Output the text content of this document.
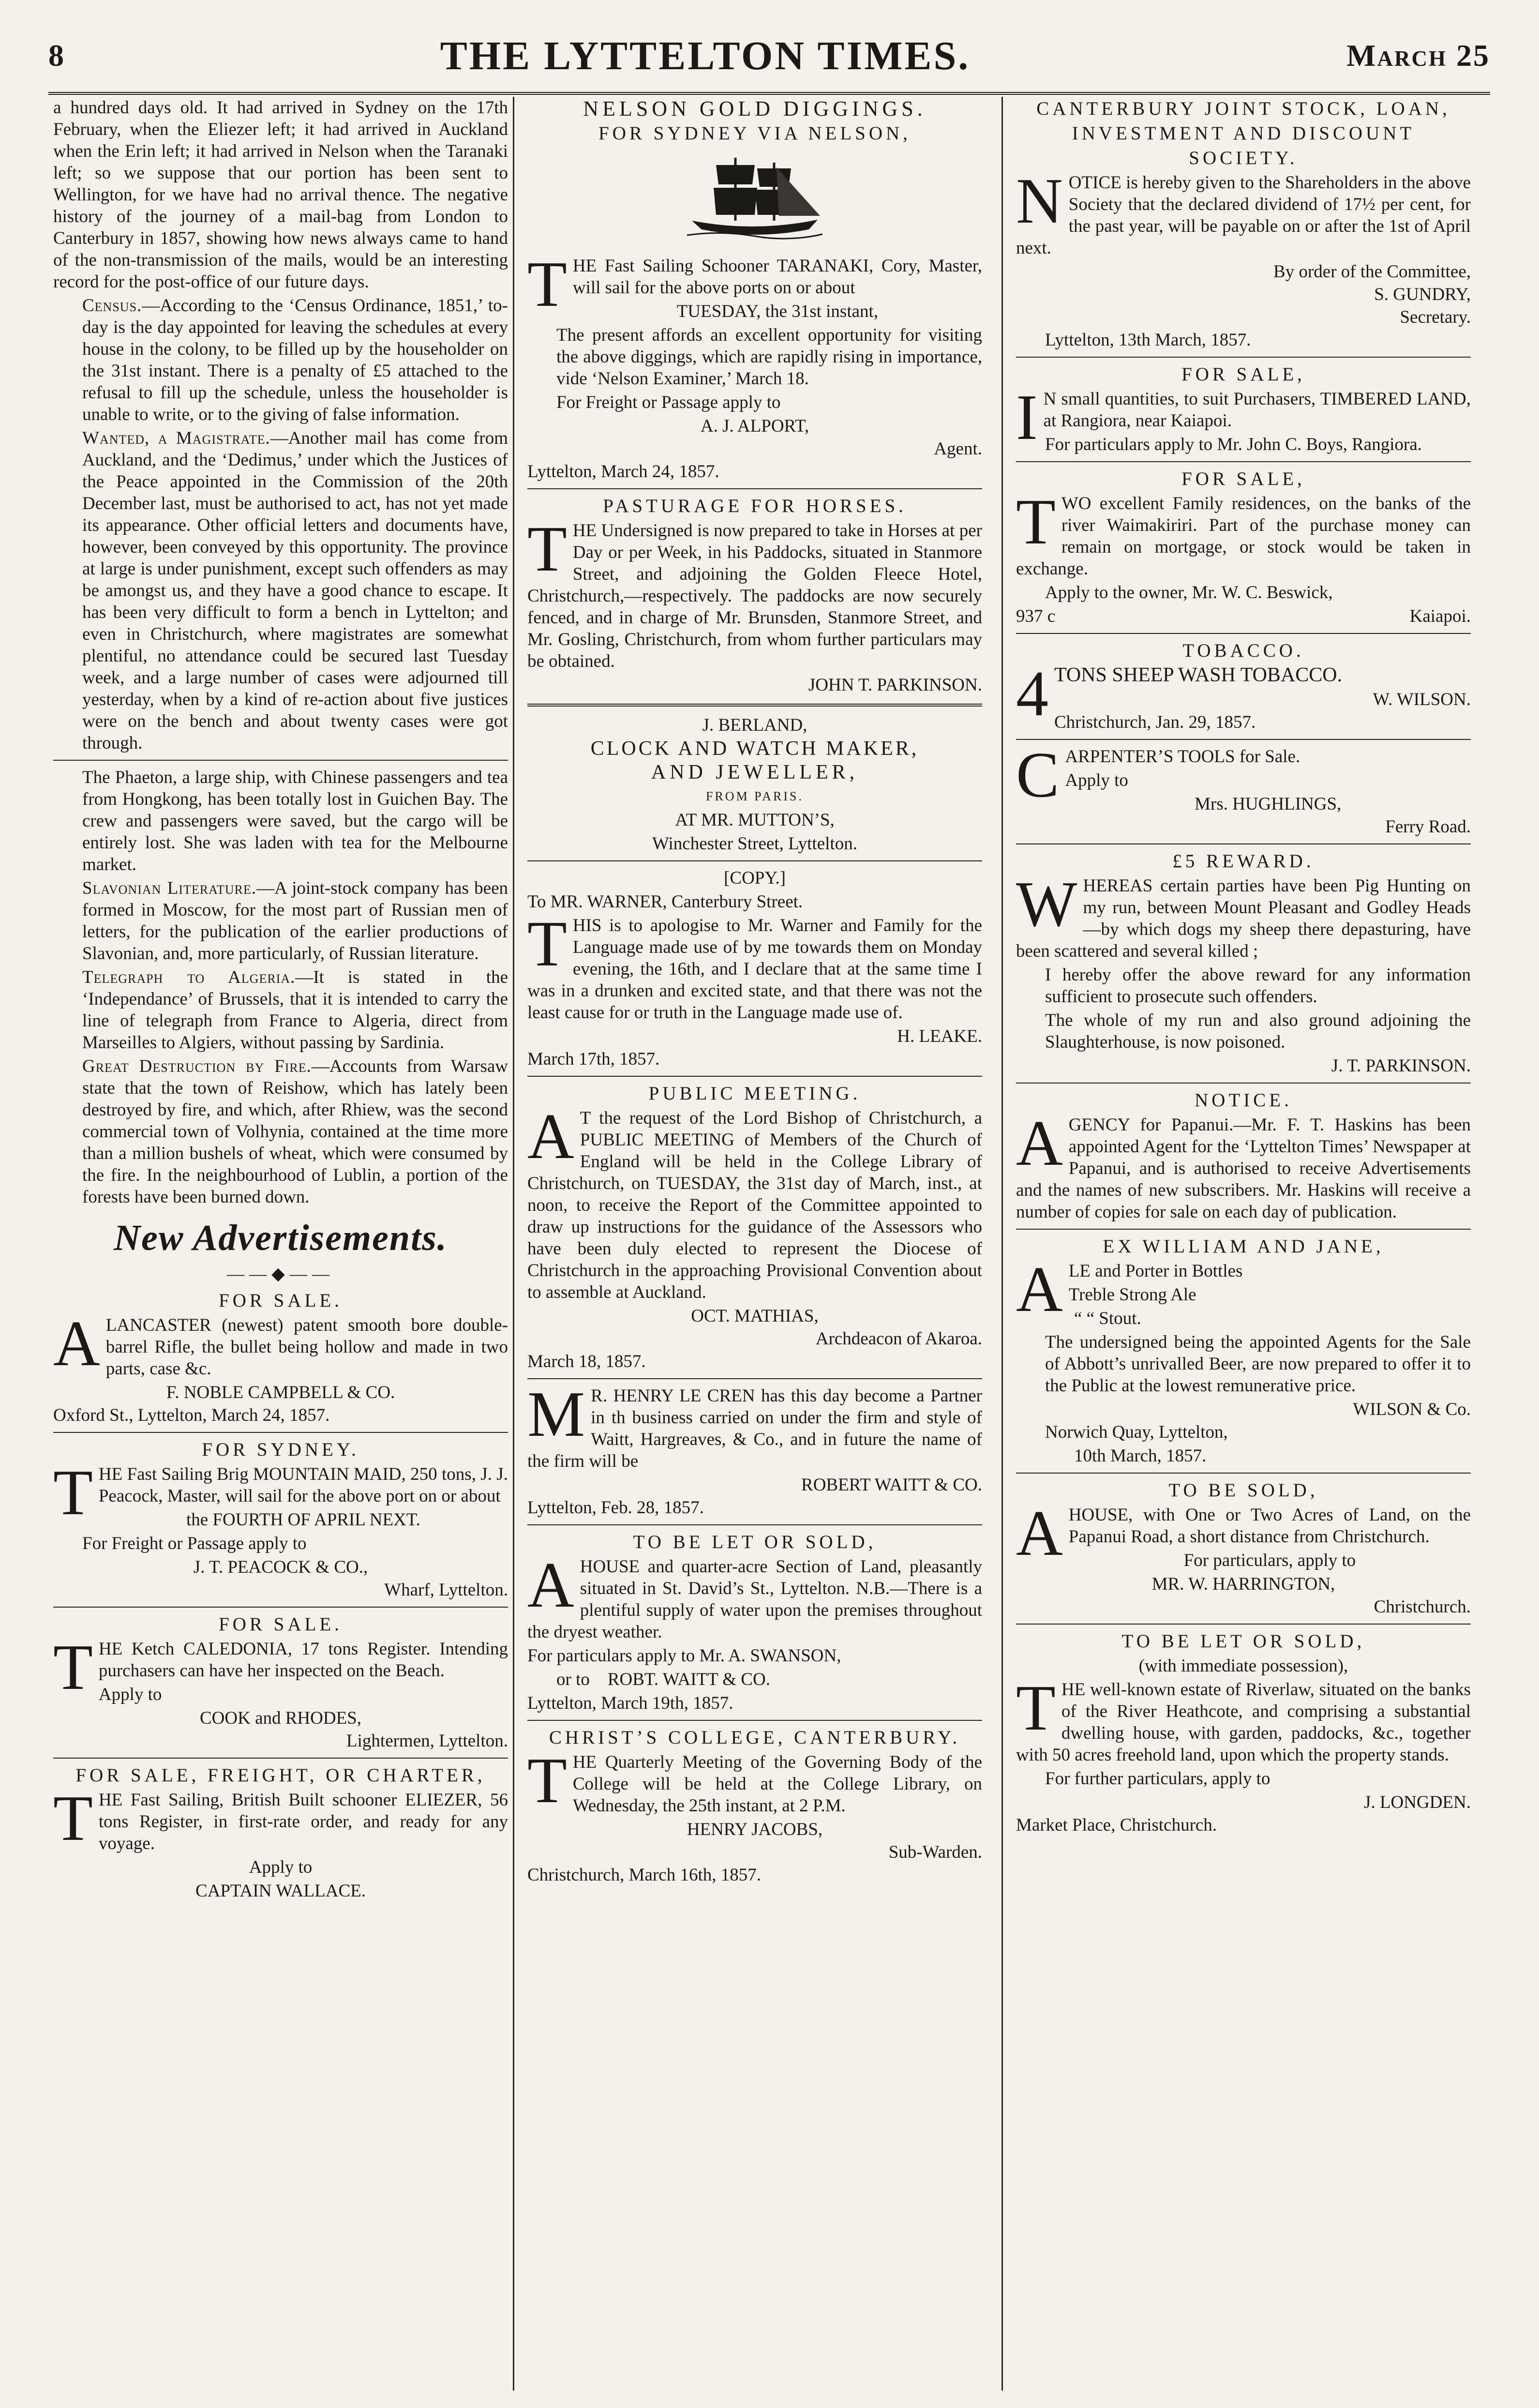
8	THE LYTTELTON TIMES.	March 25

a hundred days old. It had arrived in Sydney on the 17th February, when the Eliezer left; it had arrived in Auckland when the Erin left; it had arrived in Nelson when the Taranaki left; so we suppose that our portion has been sent to Wellington, for we have had no arrival thence. The negative history of the journey of a mail-bag from London to Canterbury in 1857, showing how news always came to hand of the non-transmission of the mails, would be an interesting record for the post-office of our future days.

Census.—According to the ‘Census Ordinance, 1851,’ to-day is the day appointed for leaving the schedules at every house in the colony, to be filled up by the householder on the 31st instant. There is a penalty of £5 attached to the refusal to fill up the schedule, unless the householder is unable to write, or to the giving of false information.

Wanted, a Magistrate.—Another mail has come from Auckland, and the ‘Dedimus,’ under which the Justices of the Peace appointed in the Commission of the 20th December last, must be authorised to act, has not yet made its appearance. Other official letters and documents have, however, been conveyed by this opportunity. The province at large is under punishment, except such offenders as may be amongst us, and they have a good chance to escape. It has been very difficult to form a bench in Lyttelton; and even in Christchurch, where magistrates are somewhat plentiful, no attendance could be secured last Tuesday week, and a large number of cases were adjourned till yesterday, when by a kind of re-action about five justices were on the bench and about twenty cases were got through.

The Phaeton, a large ship, with Chinese passengers and tea from Hongkong, has been totally lost in Guichen Bay. The crew and passengers were saved, but the cargo will be entirely lost. She was laden with tea for the Melbourne market.

Slavonian Literature.—A joint-stock company has been formed in Moscow, for the most part of Russian men of letters, for the publication of the earlier productions of Slavonian, and, more particularly, of Russian literature.

Telegraph to Algeria.—It is stated in the ‘Independance’ of Brussels, that it is intended to carry the line of telegraph from France to Algeria, direct from Marseilles to Algiers, without passing by Sardinia.

Great Destruction by Fire.—Accounts from Warsaw state that the town of Reishow, which has lately been destroyed by fire, and which, after Rhiew, was the second commercial town of Volhynia, contained at the time more than a million bushels of wheat, which were consumed by the fire. In the neighbourhood of Lublin, a portion of the forests have been burned down.

New Advertisements.
——◆——
FOR SALE.

ALANCASTER (newest) patent smooth bore double-barrel Rifle, the bullet being hollow and made in two parts, case &c.

F. NOBLE CAMPBELL & CO.

Oxford St., Lyttelton, March 24, 1857.

FOR SYDNEY.

THE Fast Sailing Brig MOUNTAIN MAID, 250 tons, J. J. Peacock, Master, will sail for the above port on or about

the FOURTH OF APRIL NEXT.

For Freight or Passage apply to

J. T. PEACOCK & CO.,

Wharf, Lyttelton.

FOR SALE.

THE Ketch CALEDONIA, 17 tons Register. Intending purchasers can have her inspected on the Beach.

Apply to

COOK and RHODES,

Lightermen, Lyttelton.

FOR SALE, FREIGHT, OR CHARTER,

THE Fast Sailing, British Built schooner ELIEZER, 56 tons Register, in first-rate order, and ready for any voyage.

Apply to

CAPTAIN WALLACE.

NELSON GOLD DIGGINGS.
FOR SYDNEY VIA NELSON,

THE Fast Sailing Schooner TARANAKI, Cory, Master, will sail for the above ports on or about

TUESDAY, the 31st instant,

The present affords an excellent opportunity for visiting the above diggings, which are rapidly rising in importance, vide ‘Nelson Examiner,’ March 18.

For Freight or Passage apply to

A. J. ALPORT,

Agent.

Lyttelton, March 24, 1857.

PASTURAGE FOR HORSES.

THE Undersigned is now prepared to take in Horses at per Day or per Week, in his Paddocks, situated in Stanmore Street, and adjoining the Golden Fleece Hotel, Christchurch,—respectively. The paddocks are now securely fenced, and in charge of Mr. Brunsden, Stanmore Street, and Mr. Gosling, Christchurch, from whom further particulars may be obtained.

JOHN T. PARKINSON.

J. BERLAND,

CLOCK AND WATCH MAKER,

AND JEWELLER,

FROM PARIS.

AT MR. MUTTON’S,

Winchester Street, Lyttelton.

[COPY.]

To MR. WARNER, Canterbury Street.

THIS is to apologise to Mr. Warner and Family for the Language made use of by me towards them on Monday evening, the 16th, and I declare that at the same time I was in a drunken and excited state, and that there was not the least cause for or truth in the Language made use of.

H. LEAKE.

March 17th, 1857.

PUBLIC MEETING.

A T the request of the Lord Bishop of Christchurch, a PUBLIC MEETING of Members of the Church of England will be held in the College Library of Christchurch, on TUESDAY, the 31st day of March, inst., at noon, to receive the Report of the Committee appointed to draw up instructions for the guidance of the Assessors who have been duly elected to represent the Diocese of Christchurch in the approaching Provisional Convention about to assemble at Auckland.

OCT. MATHIAS,

Archdeacon of Akaroa.

March 18, 1857.

M R. HENRY LE CREN has this day become a Partner in th business carried on under the firm and style of Waitt, Hargreaves, & Co., and in future the name of the firm will be

ROBERT WAITT & CO.

Lyttelton, Feb. 28, 1857.

TO BE LET OR SOLD,

AHOUSE and quarter-acre Section of Land, pleasantly situated in St. David’s St., Lyttelton. N.B.—There is a plentiful supply of water upon the premises throughout the dryest weather.

For particulars apply to Mr. A. SWANSON,

or to ROBT. WAITT & CO.

Lyttelton, March 19th, 1857.

CHRIST’S COLLEGE, CANTERBURY.

THE Quarterly Meeting of the Governing Body of the College will be held at the College Library, on Wednesday, the 25th instant, at 2 P.M.

HENRY JACOBS,

Sub-Warden.

Christchurch, March 16th, 1857.

CANTERBURY JOINT STOCK, LOAN,
INVESTMENT AND DISCOUNT
SOCIETY.

NOTICE is hereby given to the Shareholders in the above Society that the declared dividend of 17½ per cent, for the past year, will be payable on or after the 1st of April next.

By order of the Committee,

S. GUNDRY,

Secretary.

Lyttelton, 13th March, 1857.

FOR SALE,

I N small quantities, to suit Purchasers, TIMBERED LAND, at Rangiora, near Kaiapoi.

For particulars apply to Mr. John C. Boys, Rangiora.

FOR SALE,

TWO excellent Family residences, on the banks of the river Waimakiriri. Part of the purchase money can remain on mortgage, or stock would be taken in exchange.

Apply to the owner, Mr. W. C. Beswick,

937 c	Kaiapoi.

TOBACCO.

4 TONS SHEEP WASH TOBACCO.

W. WILSON.

Christchurch, Jan. 29, 1857.

CARPENTER’S TOOLS for Sale.

Apply to

Mrs. HUGHLINGS,

Ferry Road.

£5 REWARD.

WHEREAS certain parties have been Pig Hunting on my run, between Mount Pleasant and Godley Heads—by which dogs my sheep there depasturing, have been scattered and several killed ;

I hereby offer the above reward for any information sufficient to prosecute such offenders.

The whole of my run and also ground adjoining the Slaughterhouse, is now poisoned.

J. T. PARKINSON.

NOTICE.

AGENCY for Papanui.—Mr. F. T. Haskins has been appointed Agent for the ‘Lyttelton Times’ Newspaper at Papanui, and is authorised to receive Advertisements and the names of new subscribers. Mr. Haskins will receive a number of copies for sale on each day of publication.

EX WILLIAM AND JANE,

ALE and Porter in Bottles

Treble Strong Ale

“ “ Stout.

The undersigned being the appointed Agents for the Sale of Abbott’s unrivalled Beer, are now prepared to offer it to the Public at the lowest remunerative price.

WILSON & Co.

Norwich Quay, Lyttelton,

10th March, 1857.

TO BE SOLD,

AHOUSE, with One or Two Acres of Land, on the Papanui Road, a short distance from Christchurch.

For particulars, apply to

MR. W. HARRINGTON,

Christchurch.

TO BE LET OR SOLD,

(with immediate possession),

THE well-known estate of Riverlaw, situated on the banks of the River Heathcote, and comprising a substantial dwelling house, with garden, paddocks, &c., together with 50 acres freehold land, upon which the property stands.

For further particulars, apply to

J. LONGDEN.

Market Place, Christchurch.
